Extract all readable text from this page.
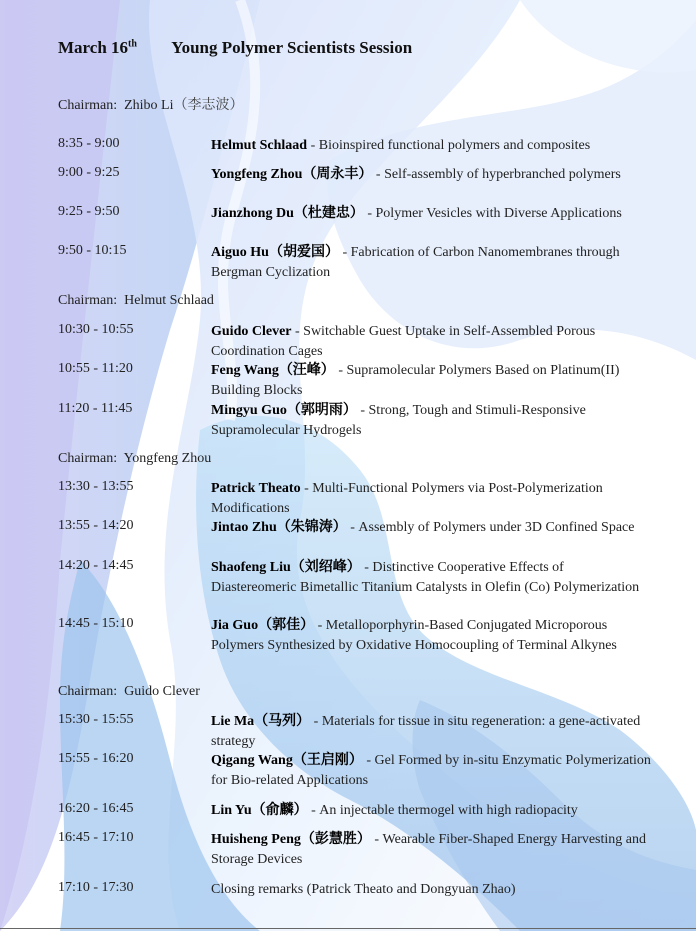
March 16th Young Polymer Scientists Session
Chairman: Zhibo Li（李志波）
8:35 - 9:00	Helmut Schlaad - Bioinspired functional polymers and composites
9:00 - 9:25	Yongfeng Zhou（周永丰） - Self-assembly of hyperbranched polymers
9:25 - 9:50	Jianzhong Du（杜建忠） - Polymer Vesicles with Diverse Applications
9:50 - 10:15	Aiguo Hu（胡爱国） - Fabrication of Carbon Nanomembranes through Bergman Cyclization
Chairman: Helmut Schlaad
10:30 - 10:55	Guido Clever - Switchable Guest Uptake in Self-Assembled Porous Coordination Cages
10:55 - 11:20	Feng Wang（汪峰） - Supramolecular Polymers Based on Platinum(II) Building Blocks
11:20 - 11:45	Mingyu Guo（郭明雨） - Strong, Tough and Stimuli-Responsive Supramolecular Hydrogels
Chairman: Yongfeng Zhou
13:30 - 13:55	Patrick Theato - Multi-Functional Polymers via Post-Polymerization Modifications
13:55 - 14:20	Jintao Zhu（朱锦涛） - Assembly of Polymers under 3D Confined Space
14:20 - 14:45	Shaofeng Liu（刘绍峰） - Distinctive Cooperative Effects of Diastereomeric Bimetallic Titanium Catalysts in Olefin (Co) Polymerization
14:45 - 15:10	Jia Guo（郭佳） - Metalloporphyrin-Based Conjugated Microporous Polymers Synthesized by Oxidative Homocoupling of Terminal Alkynes
Chairman: Guido Clever
15:30 - 15:55	Lie Ma（马列） - Materials for tissue in situ regeneration: a gene-activated strategy
15:55 - 16:20	Qigang Wang（王启刚） - Gel Formed by in-situ Enzymatic Polymerization for Bio-related Applications
16:20 - 16:45	Lin Yu（俞麟） - An injectable thermogel with high radiopacity
16:45 - 17:10	Huisheng Peng（彭慧胜） - Wearable Fiber-Shaped Energy Harvesting and Storage Devices
17:10 - 17:30	Closing remarks (Patrick Theato and Dongyuan Zhao)
